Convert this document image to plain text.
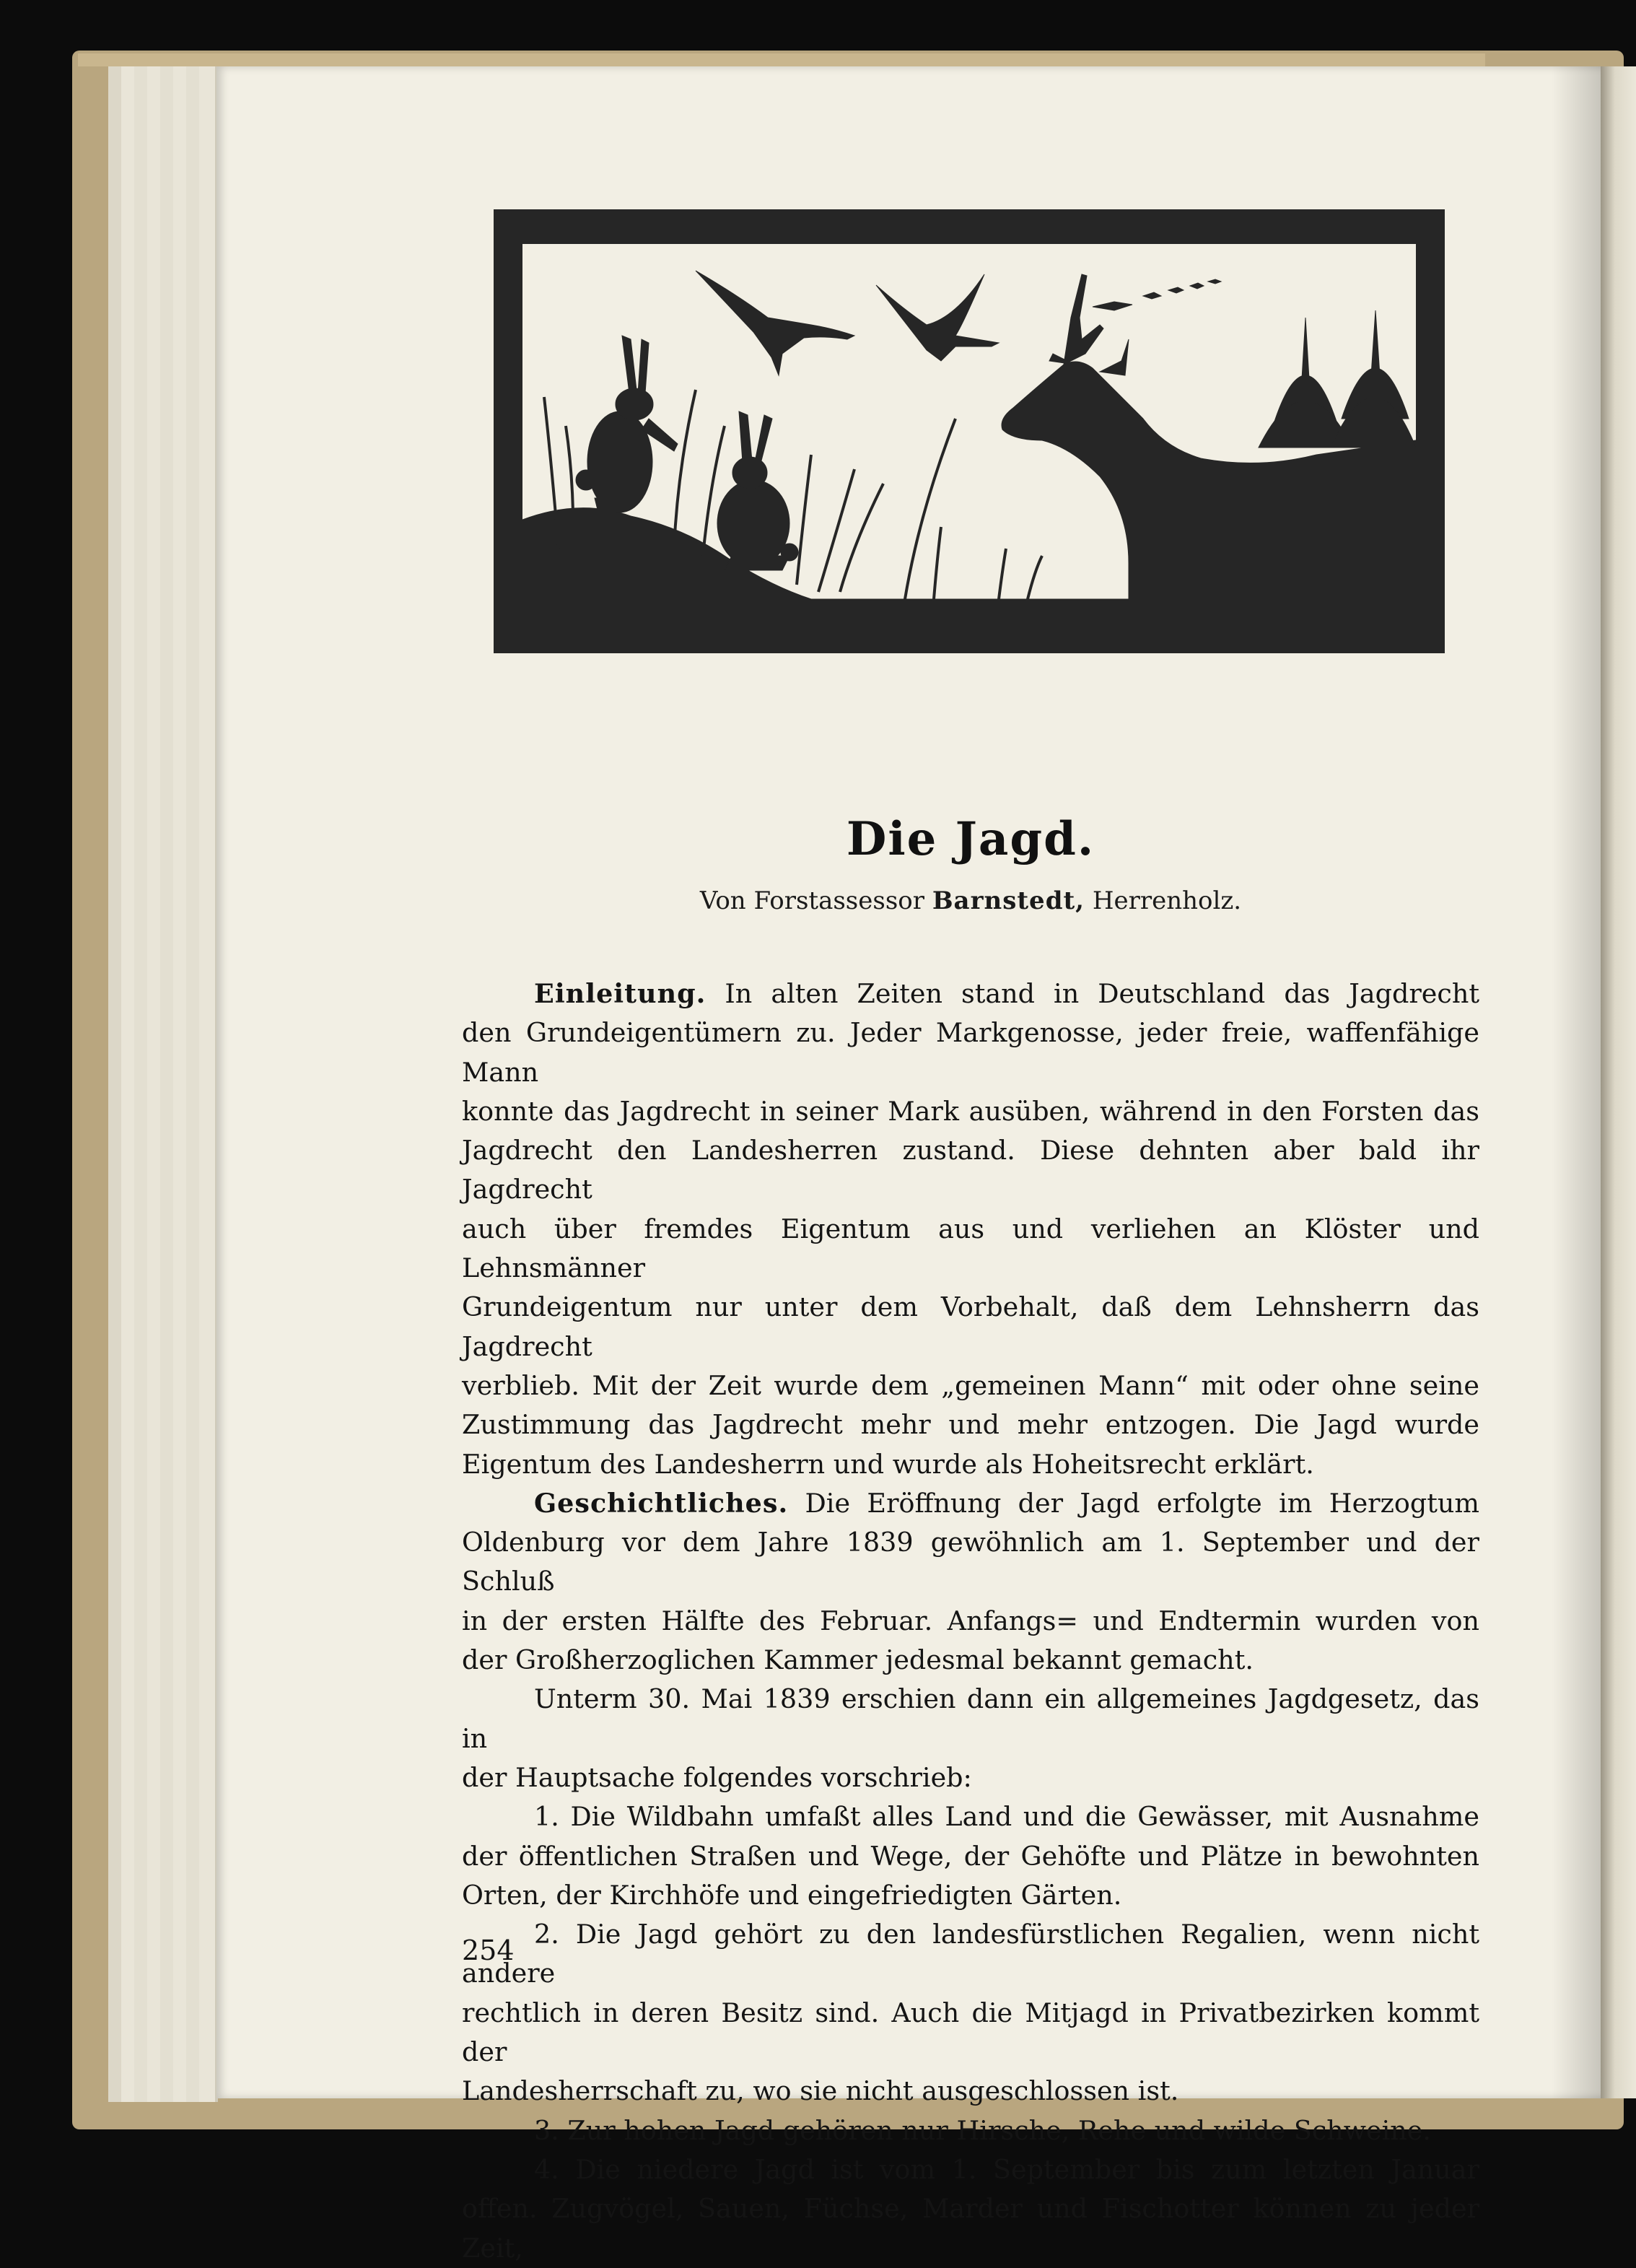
Die Jagd.
Von Forstassessor Barnstedt, Herrenholz.

Einleitung. In alten Zeiten stand in Deutschland das Jagdrecht

den Grundeigentümern zu. Jeder Markgenosse, jeder freie, waffenfähige Mann

konnte das Jagdrecht in seiner Mark ausüben, während in den Forsten das

Jagdrecht den Landesherren zustand. Diese dehnten aber bald ihr Jagdrecht

auch über fremdes Eigentum aus und verliehen an Klöster und Lehnsmänner

Grundeigentum nur unter dem Vorbehalt, daß dem Lehnsherrn das Jagdrecht

verblieb. Mit der Zeit wurde dem „gemeinen Mann“ mit oder ohne seine

Zustimmung das Jagdrecht mehr und mehr entzogen. Die Jagd wurde

Eigentum des Landesherrn und wurde als Hoheitsrecht erklärt.

Geschichtliches. Die Eröffnung der Jagd erfolgte im Herzogtum

Oldenburg vor dem Jahre 1839 gewöhnlich am 1. September und der Schluß

in der ersten Hälfte des Februar. Anfangs= und Endtermin wurden von

der Großherzoglichen Kammer jedesmal bekannt gemacht.

Unterm 30. Mai 1839 erschien dann ein allgemeines Jagdgesetz, das in

der Hauptsache folgendes vorschrieb:

1. Die Wildbahn umfaßt alles Land und die Gewässer, mit Ausnahme

der öffentlichen Straßen und Wege, der Gehöfte und Plätze in bewohnten

Orten, der Kirchhöfe und eingefriedigten Gärten.

2. Die Jagd gehört zu den landesfürstlichen Regalien, wenn nicht andere

rechtlich in deren Besitz sind. Auch die Mitjagd in Privatbezirken kommt der

Landesherrschaft zu, wo sie nicht ausgeschlossen ist.

3. Zur hohen Jagd gehören nur Hirsche, Rehe und wilde Schweine.

4. Die niedere Jagd ist vom 1. September bis zum letzten Januar

offen. Zugvögel, Sauen, Füchse, Marder und Fischotter können zu jeder Zeit,

254
